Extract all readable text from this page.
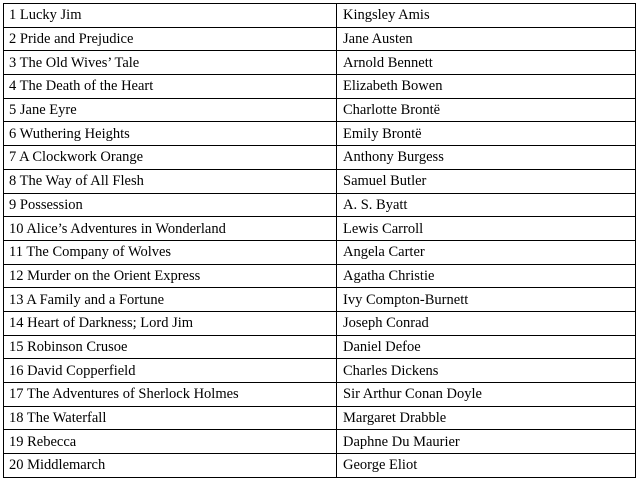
1 Lucky Jim	Kingsley Amis
2 Pride and Prejudice	Jane Austen
3 The Old Wives’ Tale	Arnold Bennett
4 The Death of the Heart	Elizabeth Bowen
5 Jane Eyre	Charlotte Brontë
6 Wuthering Heights	Emily Brontë
7 A Clockwork Orange	Anthony Burgess
8 The Way of All Flesh	Samuel Butler
9 Possession	A. S. Byatt
10 Alice’s Adventures in Wonderland	Lewis Carroll
11 The Company of Wolves	Angela Carter
12 Murder on the Orient Express	Agatha Christie
13 A Family and a Fortune	Ivy Compton-Burnett
14 Heart of Darkness; Lord Jim	Joseph Conrad
15 Robinson Crusoe	Daniel Defoe
16 David Copperfield	Charles Dickens
17 The Adventures of Sherlock Holmes	Sir Arthur Conan Doyle
18 The Waterfall	Margaret Drabble
19 Rebecca	Daphne Du Maurier
20 Middlemarch	George Eliot
